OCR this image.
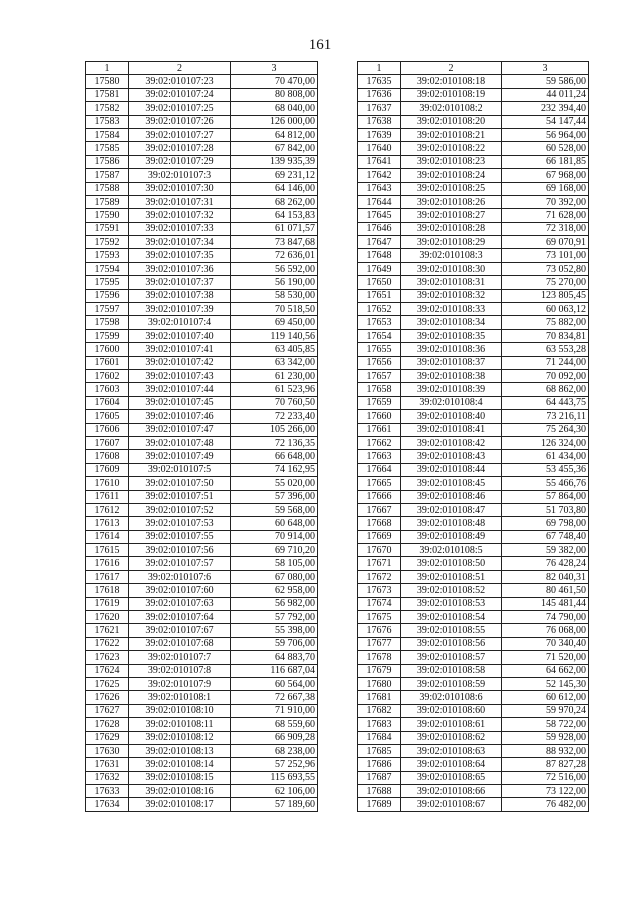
161
1	2	3
17580	39:02:010107:23	70 470,00
17581	39:02:010107:24	80 808,00
17582	39:02:010107:25	68 040,00
17583	39:02:010107:26	126 000,00
17584	39:02:010107:27	64 812,00
17585	39:02:010107:28	67 842,00
17586	39:02:010107:29	139 935,39
17587	39:02:010107:3	69 231,12
17588	39:02:010107:30	64 146,00
17589	39:02:010107:31	68 262,00
17590	39:02:010107:32	64 153,83
17591	39:02:010107:33	61 071,57
17592	39:02:010107:34	73 847,68
17593	39:02:010107:35	72 636,01
17594	39:02:010107:36	56 592,00
17595	39:02:010107:37	56 190,00
17596	39:02:010107:38	58 530,00
17597	39:02:010107:39	70 518,50
17598	39:02:010107:4	69 450,00
17599	39:02:010107:40	119 140,56
17600	39:02:010107:41	63 405,85
17601	39:02:010107:42	63 342,00
17602	39:02:010107:43	61 230,00
17603	39:02:010107:44	61 523,96
17604	39:02:010107:45	70 760,50
17605	39:02:010107:46	72 233,40
17606	39:02:010107:47	105 266,00
17607	39:02:010107:48	72 136,35
17608	39:02:010107:49	66 648,00
17609	39:02:010107:5	74 162,95
17610	39:02:010107:50	55 020,00
17611	39:02:010107:51	57 396,00
17612	39:02:010107:52	59 568,00
17613	39:02:010107:53	60 648,00
17614	39:02:010107:55	70 914,00
17615	39:02:010107:56	69 710,20
17616	39:02:010107:57	58 105,00
17617	39:02:010107:6	67 080,00
17618	39:02:010107:60	62 958,00
17619	39:02:010107:63	56 982,00
17620	39:02:010107:64	57 792,00
17621	39:02:010107:67	55 398,00
17622	39:02:010107:68	59 706,00
17623	39:02:010107:7	64 883,70
17624	39:02:010107:8	116 687,04
17625	39:02:010107:9	60 564,00
17626	39:02:010108:1	72 667,38
17627	39:02:010108:10	71 910,00
17628	39:02:010108:11	68 559,60
17629	39:02:010108:12	66 909,28
17630	39:02:010108:13	68 238,00
17631	39:02:010108:14	57 252,96
17632	39:02:010108:15	115 693,55
17633	39:02:010108:16	62 106,00
17634	39:02:010108:17	57 189,60
1	2	3
17635	39:02:010108:18	59 586,00
17636	39:02:010108:19	44 011,24
17637	39:02:010108:2	232 394,40
17638	39:02:010108:20	54 147,44
17639	39:02:010108:21	56 964,00
17640	39:02:010108:22	60 528,00
17641	39:02:010108:23	66 181,85
17642	39:02:010108:24	67 968,00
17643	39:02:010108:25	69 168,00
17644	39:02:010108:26	70 392,00
17645	39:02:010108:27	71 628,00
17646	39:02:010108:28	72 318,00
17647	39:02:010108:29	69 070,91
17648	39:02:010108:3	73 101,00
17649	39:02:010108:30	73 052,80
17650	39:02:010108:31	75 270,00
17651	39:02:010108:32	123 805,45
17652	39:02:010108:33	60 063,12
17653	39:02:010108:34	75 882,00
17654	39:02:010108:35	70 834,81
17655	39:02:010108:36	63 553,28
17656	39:02:010108:37	71 244,00
17657	39:02:010108:38	70 092,00
17658	39:02:010108:39	68 862,00
17659	39:02:010108:4	64 443,75
17660	39:02:010108:40	73 216,11
17661	39:02:010108:41	75 264,30
17662	39:02:010108:42	126 324,00
17663	39:02:010108:43	61 434,00
17664	39:02:010108:44	53 455,36
17665	39:02:010108:45	55 466,76
17666	39:02:010108:46	57 864,00
17667	39:02:010108:47	51 703,80
17668	39:02:010108:48	69 798,00
17669	39:02:010108:49	67 748,40
17670	39:02:010108:5	59 382,00
17671	39:02:010108:50	76 428,24
17672	39:02:010108:51	82 040,31
17673	39:02:010108:52	80 461,50
17674	39:02:010108:53	145 481,44
17675	39:02:010108:54	74 790,00
17676	39:02:010108:55	76 068,00
17677	39:02:010108:56	70 340,40
17678	39:02:010108:57	71 520,00
17679	39:02:010108:58	64 662,00
17680	39:02:010108:59	52 145,30
17681	39:02:010108:6	60 612,00
17682	39:02:010108:60	59 970,24
17683	39:02:010108:61	58 722,00
17684	39:02:010108:62	59 928,00
17685	39:02:010108:63	88 932,00
17686	39:02:010108:64	87 827,28
17687	39:02:010108:65	72 516,00
17688	39:02:010108:66	73 122,00
17689	39:02:010108:67	76 482,00
